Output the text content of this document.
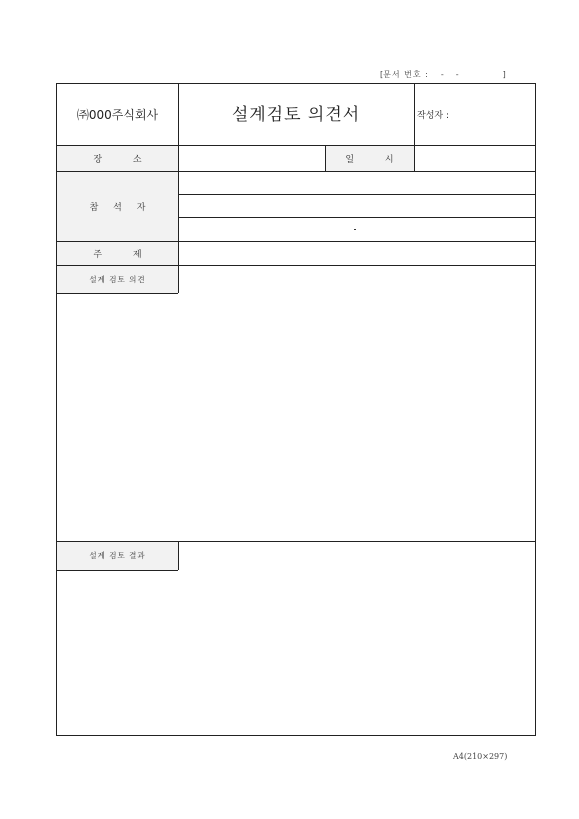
[문서 번호 : - -	]
㈜000주식회사	설계검토 의견서	작성자 :
장 소	일 시
참 석 자
주 제
설계 검토 의견
설계 검토 결과
A4(210×297)
